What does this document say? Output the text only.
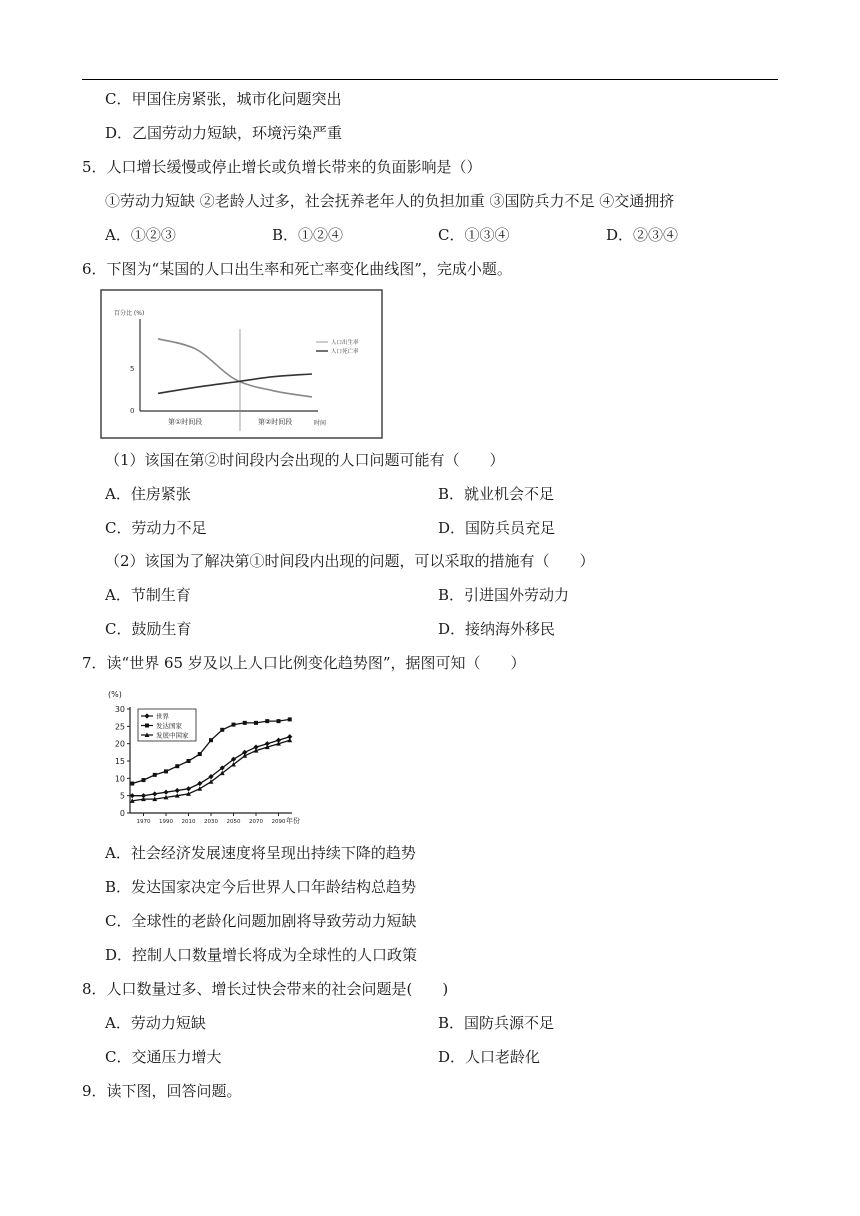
C．甲国住房紧张，城市化问题突出
D．乙国劳动力短缺，环境污染严重
5．人口增长缓慢或停止增长或负增长带来的负面影响是（）
①劳动力短缺 ②老龄人过多，社会抚养老年人的负担加重 ③国防兵力不足 ④交通拥挤
A．①②③	B．①②④	C．①③④	D．②③④
6．下图为“某国的人口出生率和死亡率变化曲线图”，完成小题。
百分比 (%)
5
0
人口出生率
人口死亡率
第①时间段	第②时间段	时间
（1）该国在第②时间段内会出现的人口问题可能有（　　）
A．住房紧张	B．就业机会不足
C．劳动力不足	D．国防兵员充足
（2）该国为了解决第①时间段内出现的问题，可以采取的措施有（　　）
A．节制生育	B．引进国外劳动力
C．鼓励生育	D．接纳海外移民
7．读“世界 65 岁及以上人口比例变化趋势图”，据图可知（　　）
(%)
0
5
10
15
20
25
30
1970 1990 2010 2030 2050 2070 2090
世界
发达国家
发展中国家
年份
A．社会经济发展速度将呈现出持续下降的趋势
B．发达国家决定今后世界人口年龄结构总趋势
C．全球性的老龄化问题加剧将导致劳动力短缺
D．控制人口数量增长将成为全球性的人口政策
8．人口数量过多、增长过快会带来的社会问题是(　　)
A．劳动力短缺	B．国防兵源不足
C．交通压力增大	D．人口老龄化
9．读下图，回答问题。
